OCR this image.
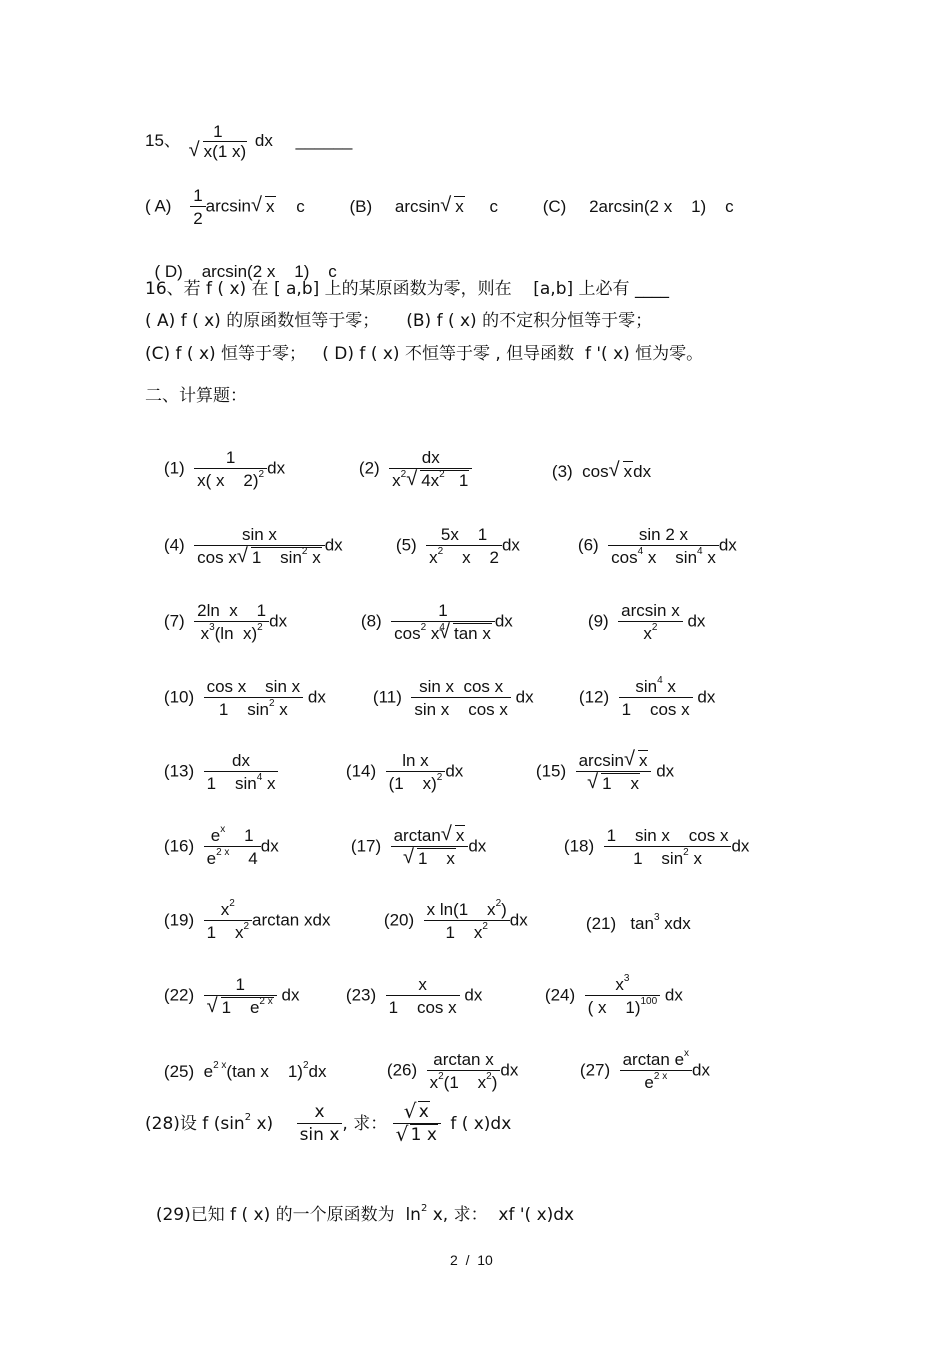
15、	1
√ x(1 x)
dx ______
( $A) \frac{1}{2} \arcsin√$ x c	(B) arcsin√ x c	(C) 2arcsin(2 x    1)    c

( D) arcsin(2 x    1)    c

16、若 f ( x) 在 [ a,b] 上的某原函数为零，则在    [a,b] 上必有 ____
( A) f ( x) 的原函数恒等于零；     (B) f ( x) 的不定积分恒等于零；
(C) f ( x) 恒等于零；   ( D) f ( x) 不恒等于零 , 但导函数  f '( x) 恒为零。
二、计算题：

$(1) \frac{1}{x( x 2)^2}$ dx
	$(2) \frac{dx}{x^2√ 4x^2 1}$

	(3) cos√ xdx

$(4) \frac{\text{sin x}}{\cos x√ 1 \sin^2 x}$ dx
	$(5) \frac{5x 1}{x^2 x 2}$ dx
	$(6) \frac{\sin 2 x}{\cos^4 x \sin^4 x}$ dx

$(7) \frac{\text{2ln  x    1}}{x^3(\ln x)^2}$ dx
	$(8) \frac{1}{\cos^2 x^4√ \tan x}$ dx
	$(9) \frac{\text{arcsin x}}{x^2}$ dx

$(10) \frac{\text{cos x    sin x}}{1 \sin^2 x}$ dx
	$(11) \frac{\text{sin x  cos x}}{\text{sin x    cos x}}$ dx
	$(12) \frac{\sin^4 x}{\text{1    cos x}}$ dx

$(13) \frac{dx}{1 \sin^4 x}$

	$(14) \frac{\text{ln x}}{(1 x)^2}$ dx
	(15) arcsin√ x
√ 1    x dx

$(16) \frac{e^x 1}{e^{2 x} 4}$ dx
	(17) arctan√ x
√ 1    x dx
	$(18) \frac{\text{1    sin x    cos x}}{1 \sin^2 x}$ dx

$(19) \frac{x^2}{1 x^2}$ arctan xdx
	$(20) \frac{x \ln(1 x^2)}{1 x^2}$ dx
	(21) $\tan^3$ xdx

(22) 1
√ 1    $e^{2 x}$ dx
	$(23) \frac{x}{\text{1    cos x}}$ dx
	$(24) \frac{x^3}{( x 1)^{100}}$ dx

(25) $e^{2 x}(\tan$ x    1)$^2$dx
	$(26) \frac{\text{arctan x}}{x^2(1 x^2)}$ dx
	$(27) \frac{\arctan e^x}{e^{2 x}}$ dx

(28)设 f ($\sin^2$ $x) \frac{x}{\text{sin x}}$ , 求：
√ x
√ 1 x f ( x)dx

(29)已知 f ( x) 的一个原函数为  $\ln^2 x$, 求：  xf '( x)dx

2  /  10
